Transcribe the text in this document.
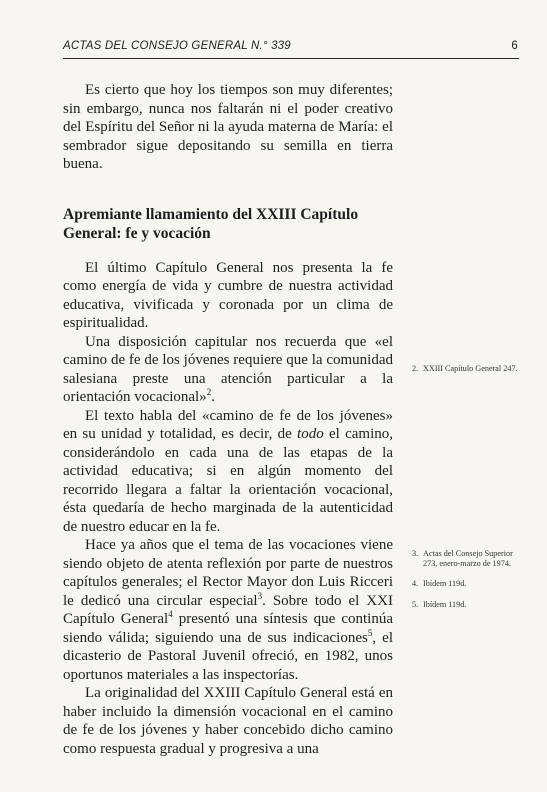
ACTAS DEL CONSEJO GENERAL N.° 339	6

Es cierto que hoy los tiempos son muy diferentes; sin embargo, nunca nos faltarán ni el poder creativo del Espíritu del Señor ni la ayuda materna de María: el sembrador sigue depositando su semilla en tierra buena.

Apremiante llamamiento del XXIII Capítulo General: fe y vocación

El último Capítulo General nos presenta la fe como energía de vida y cumbre de nuestra actividad educativa, vivificada y coronada por un clima de espiritualidad.

Una disposición capitular nos recuerda que «el camino de fe de los jóvenes requiere que la comunidad salesiana preste una atención particular a la orientación vocacional»$^2$.

El texto habla del «camino de fe de los jóvenes» en su unidad y totalidad, es decir, de todo el camino, considerándolo en cada una de las etapas de la actividad educativa; si en algún momento del recorrido llegara a faltar la orientación vocacional, ésta quedaría de hecho marginada de la autenticidad de nuestro educar en la fe.

Hace ya años que el tema de las vocaciones viene siendo objeto de atenta reflexión por parte de nuestros capítulos generales; el Rector Mayor don Luis Ricceri le dedicó una circular especial$^3$. Sobre todo el XXI Capítulo General$^4$ presentó una síntesis que continúa siendo válida; siguiendo una de sus indicaciones$^5$, el dicasterio de Pastoral Juvenil ofreció, en 1982, unos oportunos materiales a las inspectorías.

La originalidad del XXIII Capítulo General está en haber incluido la dimensión vocacional en el camino de fe de los jóvenes y haber concebido dicho camino como respuesta gradual y progresiva a una

2. XXIII Capítulo General 247.
3. Actas del Consejo Superior 273, enero-marzo de 1974.
4. Ibídem 119d.
5. Ibídem 119d.
